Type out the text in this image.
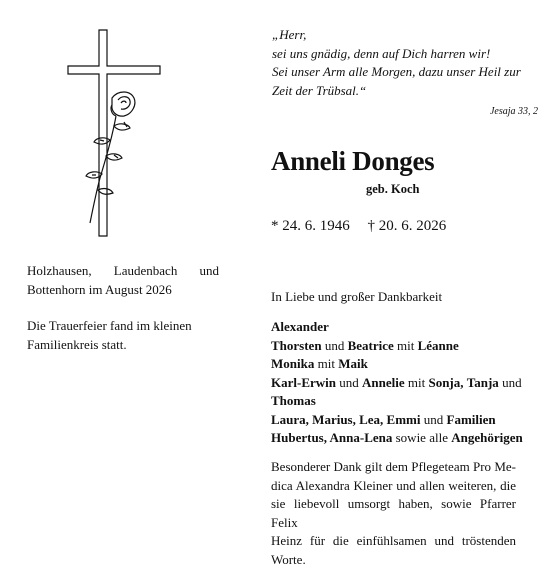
„Herr,
sei uns gnädig, denn auf Dich harren wir!
Sei unser Arm alle Morgen, dazu unser Heil zur
Zeit der Trübsal.“
Jesaja 33, 2
Anneli Donges
geb. Koch
* 24. 6. 1946 † 20. 6. 2026
Holzhausen, Laudenbach und
Bottenhorn im August 2026
Die Trauerfeier fand im kleinen
Familienkreis statt.
In Liebe und großer Dankbarkeit
Alexander
Thorsten und Beatrice mit Léanne
Monika mit Maik
Karl-Erwin und Annelie mit Sonja, Tanja und
Thomas
Laura, Marius, Lea, Emmi und Familien
Hubertus, Anna-Lena sowie alle Angehörigen
Besonderer Dank gilt dem Pflegeteam Pro Me-
dica Alexandra Kleiner und allen weiteren, die
sie liebevoll umsorgt haben, sowie Pfarrer Felix
Heinz für die einfühlsamen und tröstenden
Worte.
